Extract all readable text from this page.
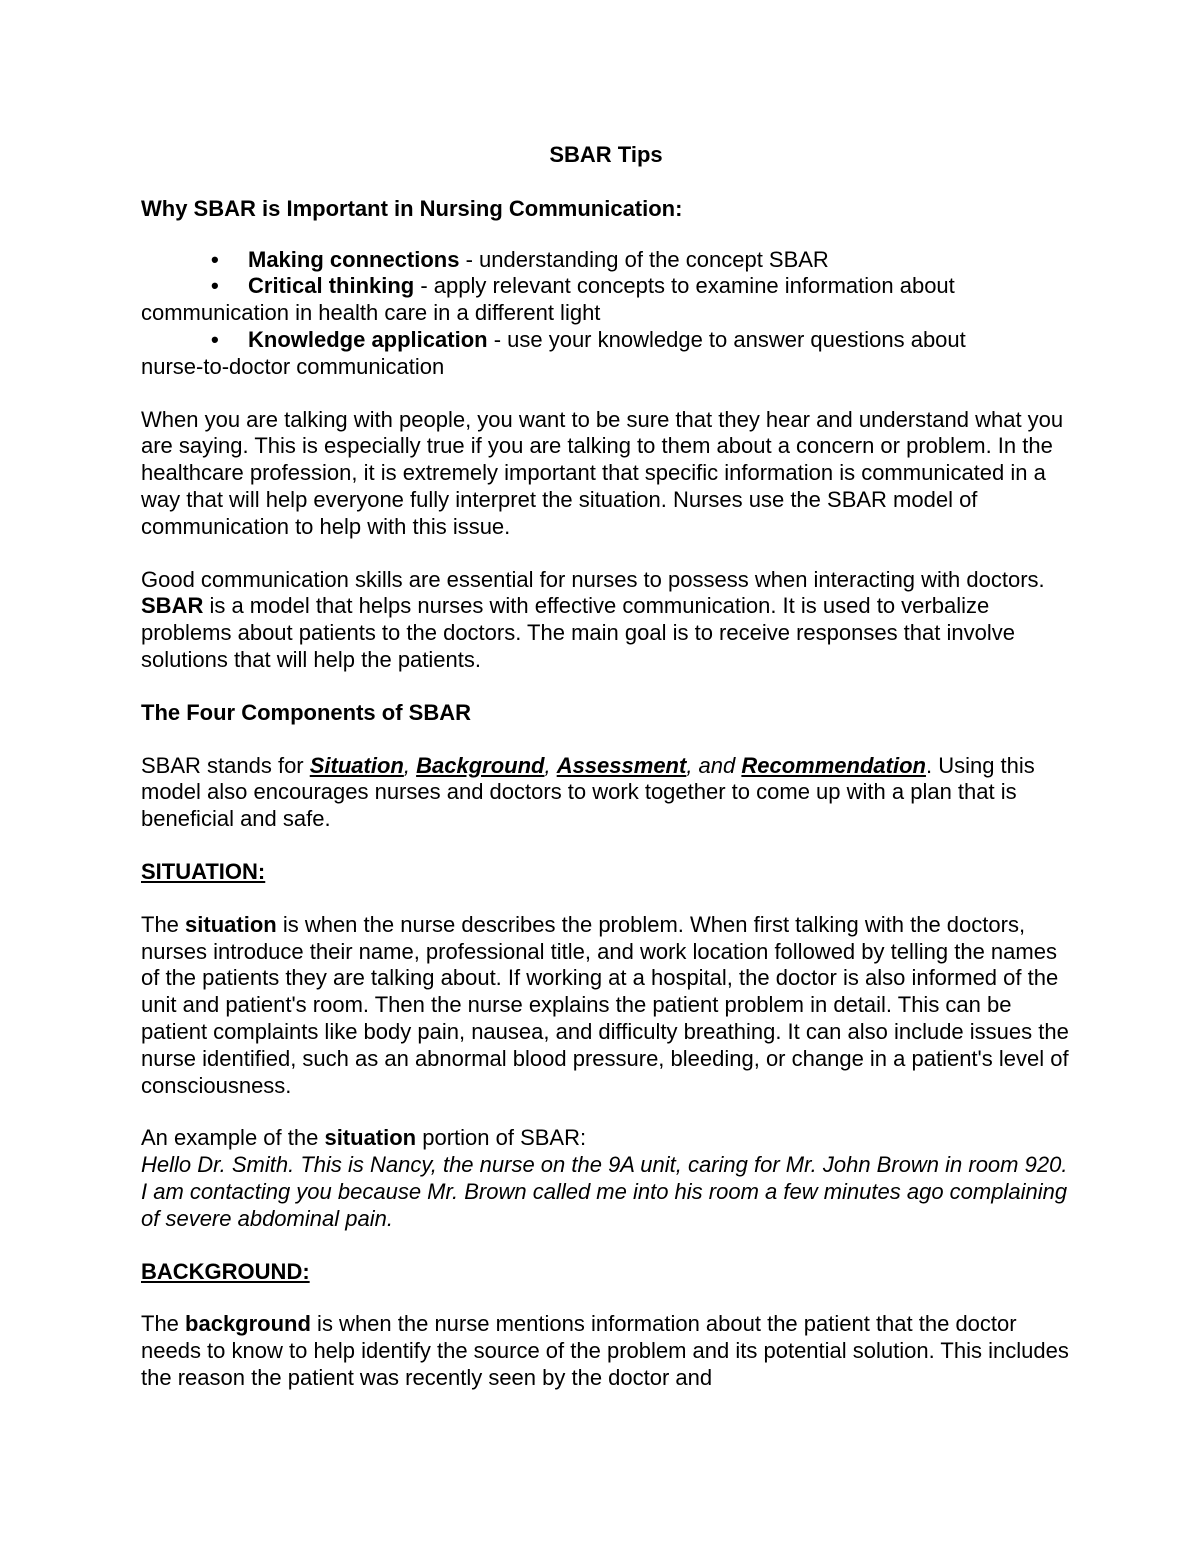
SBAR Tips

Why SBAR is Important in Nursing Communication:

• Making connections - understanding of the concept SBAR
• Critical thinking - apply relevant concepts to examine information about
communication in health care in a different light
• Knowledge application - use your knowledge to answer questions about
nurse-to-doctor communication

When you are talking with people, you want to be sure that they hear and understand what you are saying. This is especially true if you are talking to them about a concern or problem. In the healthcare profession, it is extremely important that specific information is communicated in a way that will help everyone fully interpret the situation. Nurses use the SBAR model of communication to help with this issue.

Good communication skills are essential for nurses to possess when interacting with doctors. SBAR is a model that helps nurses with effective communication. It is used to verbalize problems about patients to the doctors. The main goal is to receive responses that involve solutions that will help the patients.

The Four Components of SBAR

SBAR stands for Situation, Background, Assessment, and Recommendation. Using this model also encourages nurses and doctors to work together to come up with a plan that is beneficial and safe.

SITUATION:

The situation is when the nurse describes the problem. When first talking with the doctors, nurses introduce their name, professional title, and work location followed by telling the names of the patients they are talking about. If working at a hospital, the doctor is also informed of the unit and patient's room. Then the nurse explains the patient problem in detail. This can be patient complaints like body pain, nausea, and difficulty breathing. It can also include issues the nurse identified, such as an abnormal blood pressure, bleeding, or change in a patient's level of consciousness.

An example of the situation portion of SBAR:

Hello Dr. Smith. This is Nancy, the nurse on the 9A unit, caring for Mr. John Brown in room 920. I am contacting you because Mr. Brown called me into his room a few minutes ago complaining of severe abdominal pain.

BACKGROUND:

The background is when the nurse mentions information about the patient that the doctor needs to know to help identify the source of the problem and its potential solution. This includes the reason the patient was recently seen by the doctor and
